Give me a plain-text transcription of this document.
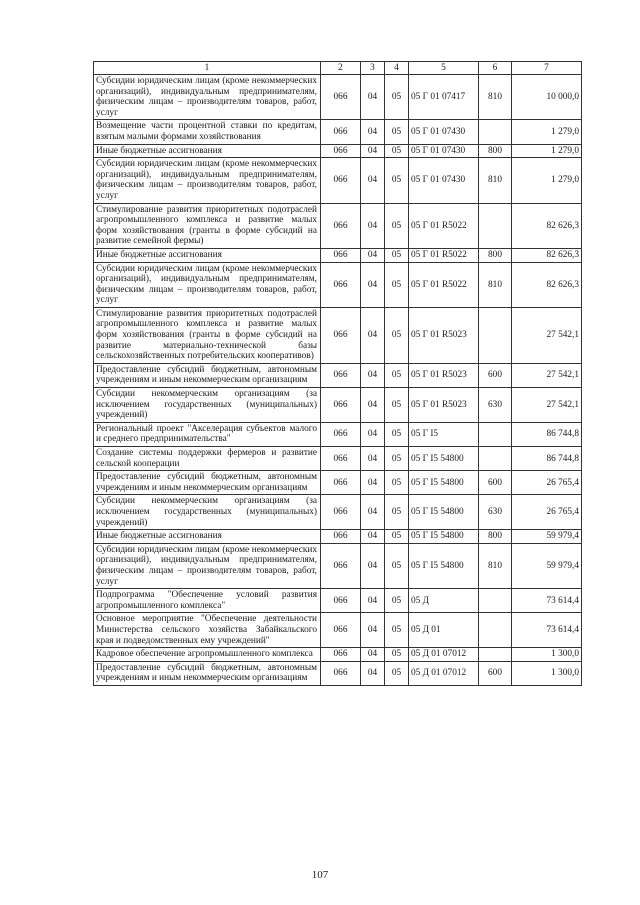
1	2	3	4	5	6	7
Субсидии юридическим лицам (кроме некоммерческих организаций), индивидуальным предпринимателям, физическим лицам – производителям товаров, работ, услуг	066	04	05	05 Г 01 07417	810	10 000,0
Возмещение части процентной ставки по кредитам, взятым малыми формами хозяйствования	066	04	05	05 Г 01 07430		1 279,0
Иные бюджетные ассигнования	066	04	05	05 Г 01 07430	800	1 279,0
Субсидии юридическим лицам (кроме некоммерческих организаций), индивидуальным предпринимателям, физическим лицам – производителям товаров, работ, услуг	066	04	05	05 Г 01 07430	810	1 279,0
Стимулирование развития приоритетных подотраслей агропромышленного комплекса и развитие малых форм хозяйствования (гранты в форме субсидий на развитие семейной фермы)	066	04	05	05 Г 01 R5022		82 626,3
Иные бюджетные ассигнования	066	04	05	05 Г 01 R5022	800	82 626,3
Субсидии юридическим лицам (кроме некоммерческих организаций), индивидуальным предпринимателям, физическим лицам – производителям товаров, работ, услуг	066	04	05	05 Г 01 R5022	810	82 626,3
Стимулирование развития приоритетных подотраслей агропромышленного комплекса и развитие малых форм хозяйствования (гранты в форме субсидий на развитие материально-технической базы сельскохозяйственных потребительских кооперативов)	066	04	05	05 Г 01 R5023		27 542,1
Предоставление субсидий бюджетным, автономным учреждениям и иным некоммерческим организациям	066	04	05	05 Г 01 R5023	600	27 542,1
Субсидии некоммерческим организациям (за исключением государственных (муниципальных) учреждений)	066	04	05	05 Г 01 R5023	630	27 542,1
Региональный проект "Акселерация субъектов малого и среднего предпринимательства"	066	04	05	05 Г I5		86 744,8
Создание системы поддержки фермеров и развитие сельской кооперации	066	04	05	05 Г I5 54800		86 744,8
Предоставление субсидий бюджетным, автономным учреждениям и иным некоммерческим организациям	066	04	05	05 Г I5 54800	600	26 765,4
Субсидии некоммерческим организациям (за исключением государственных (муниципальных) учреждений)	066	04	05	05 Г I5 54800	630	26 765,4
Иные бюджетные ассигнования	066	04	05	05 Г I5 54800	800	59 979,4
Субсидии юридическим лицам (кроме некоммерческих организаций), индивидуальным предпринимателям, физическим лицам – производителям товаров, работ, услуг	066	04	05	05 Г I5 54800	810	59 979,4
Подпрограмма "Обеспечение условий развития агропромышленного комплекса"	066	04	05	05 Д		73 614,4
Основное мероприятие "Обеспечение деятельности Министерства сельского хозяйства Забайкальского края и подведомственных ему учреждений"	066	04	05	05 Д 01		73 614,4
Кадровое обеспечение агропромышленного комплекса	066	04	05	05 Д 01 07012		1 300,0
Предоставление субсидий бюджетным, автономным учреждениям и иным некоммерческим организациям	066	04	05	05 Д 01 07012	600	1 300,0
107
